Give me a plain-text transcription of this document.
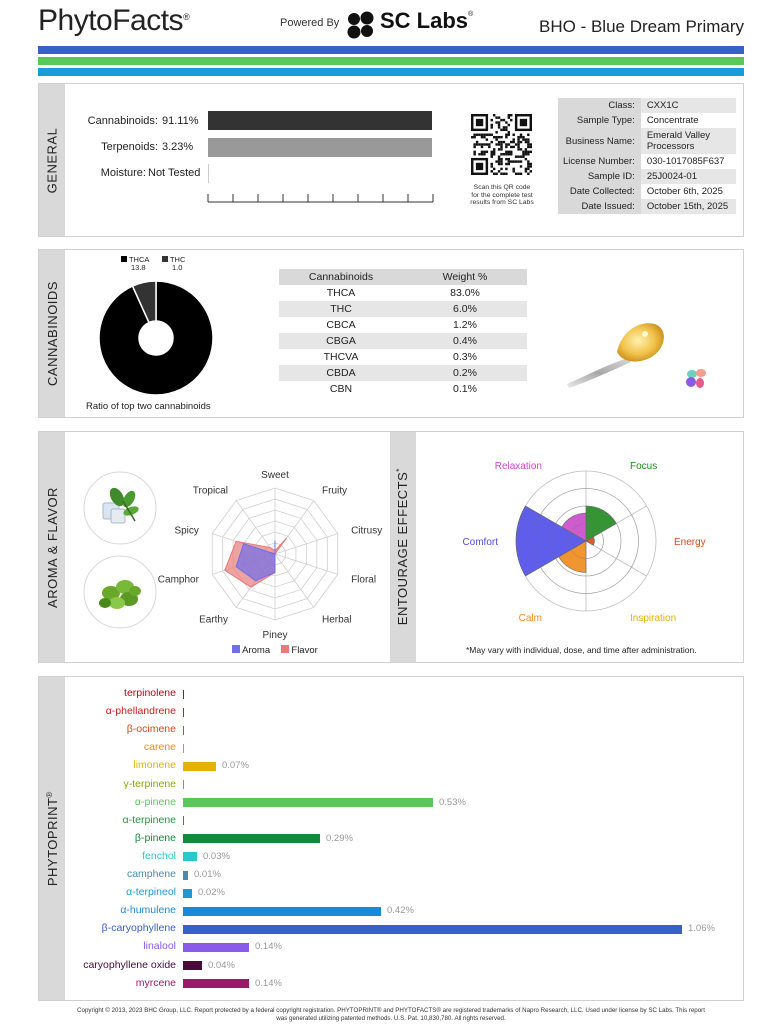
PhytoFacts®	Powered By SC Labs®
BHO - Blue Dream Primary
GENERAL
Cannabinoids: 91.11%
Terpenoids: 3.23%
Moisture: Not Tested
Scan this QR code
for the complete test
results from SC Labs
Class:	CXX1C
Sample Type:	Concentrate
Business Name:	Emerald Valley Processors
License Number:	030-1017085F637
Sample ID:	25J0024-01
Date Collected:	October 6th, 2025
Date Issued:	October 15th, 2025
CANNABINOIDS
THCA
13.8
THC
1.0
Ratio of top two cannabinoids
Cannabinoids	Weight %
THCA	83.0%
THC	6.0%
CBCA	1.2%
CBGA	0.4%
THCVA	0.3%
CBDA	0.2%
CBN	0.1%
AROMA & FLAVOR
Sweet
Fruity
Citrusy
Floral
Herbal
Piney
Earthy
Camphor
Spicy
Tropical
Aroma Flavor
ENTOURAGE EFFECTS*	Focus
Energy
Inspiration
Calm
Comfort
Relaxation
*May vary with individual, dose, and time after administration.
PHYTOPRINT®
terpinolene
α-phellandrene
β-ocimene
carene
limonene	0.07%
γ-terpinene
α-pinene	0.53%
α-terpinene
β-pinene	0.29%
fenchol	0.03%
camphene 0.01%
α-terpineol 0.02%
α-humulene	0.42%
β-caryophyllene	1.06%
linalool	0.14%
caryophyllene oxide	0.04%
myrcene	0.14%
Copyright © 2013, 2023 BHC Group, LLC. Report protected by a federal copyright registration. PHYTOPRINT® and PHYTOFACTS® are registered trademarks of Napro Research, LLC. Used under license by SC Labs. This report
was generated utilizing patented methods. U.S. Pat. 10,830,780. All rights reserved.
